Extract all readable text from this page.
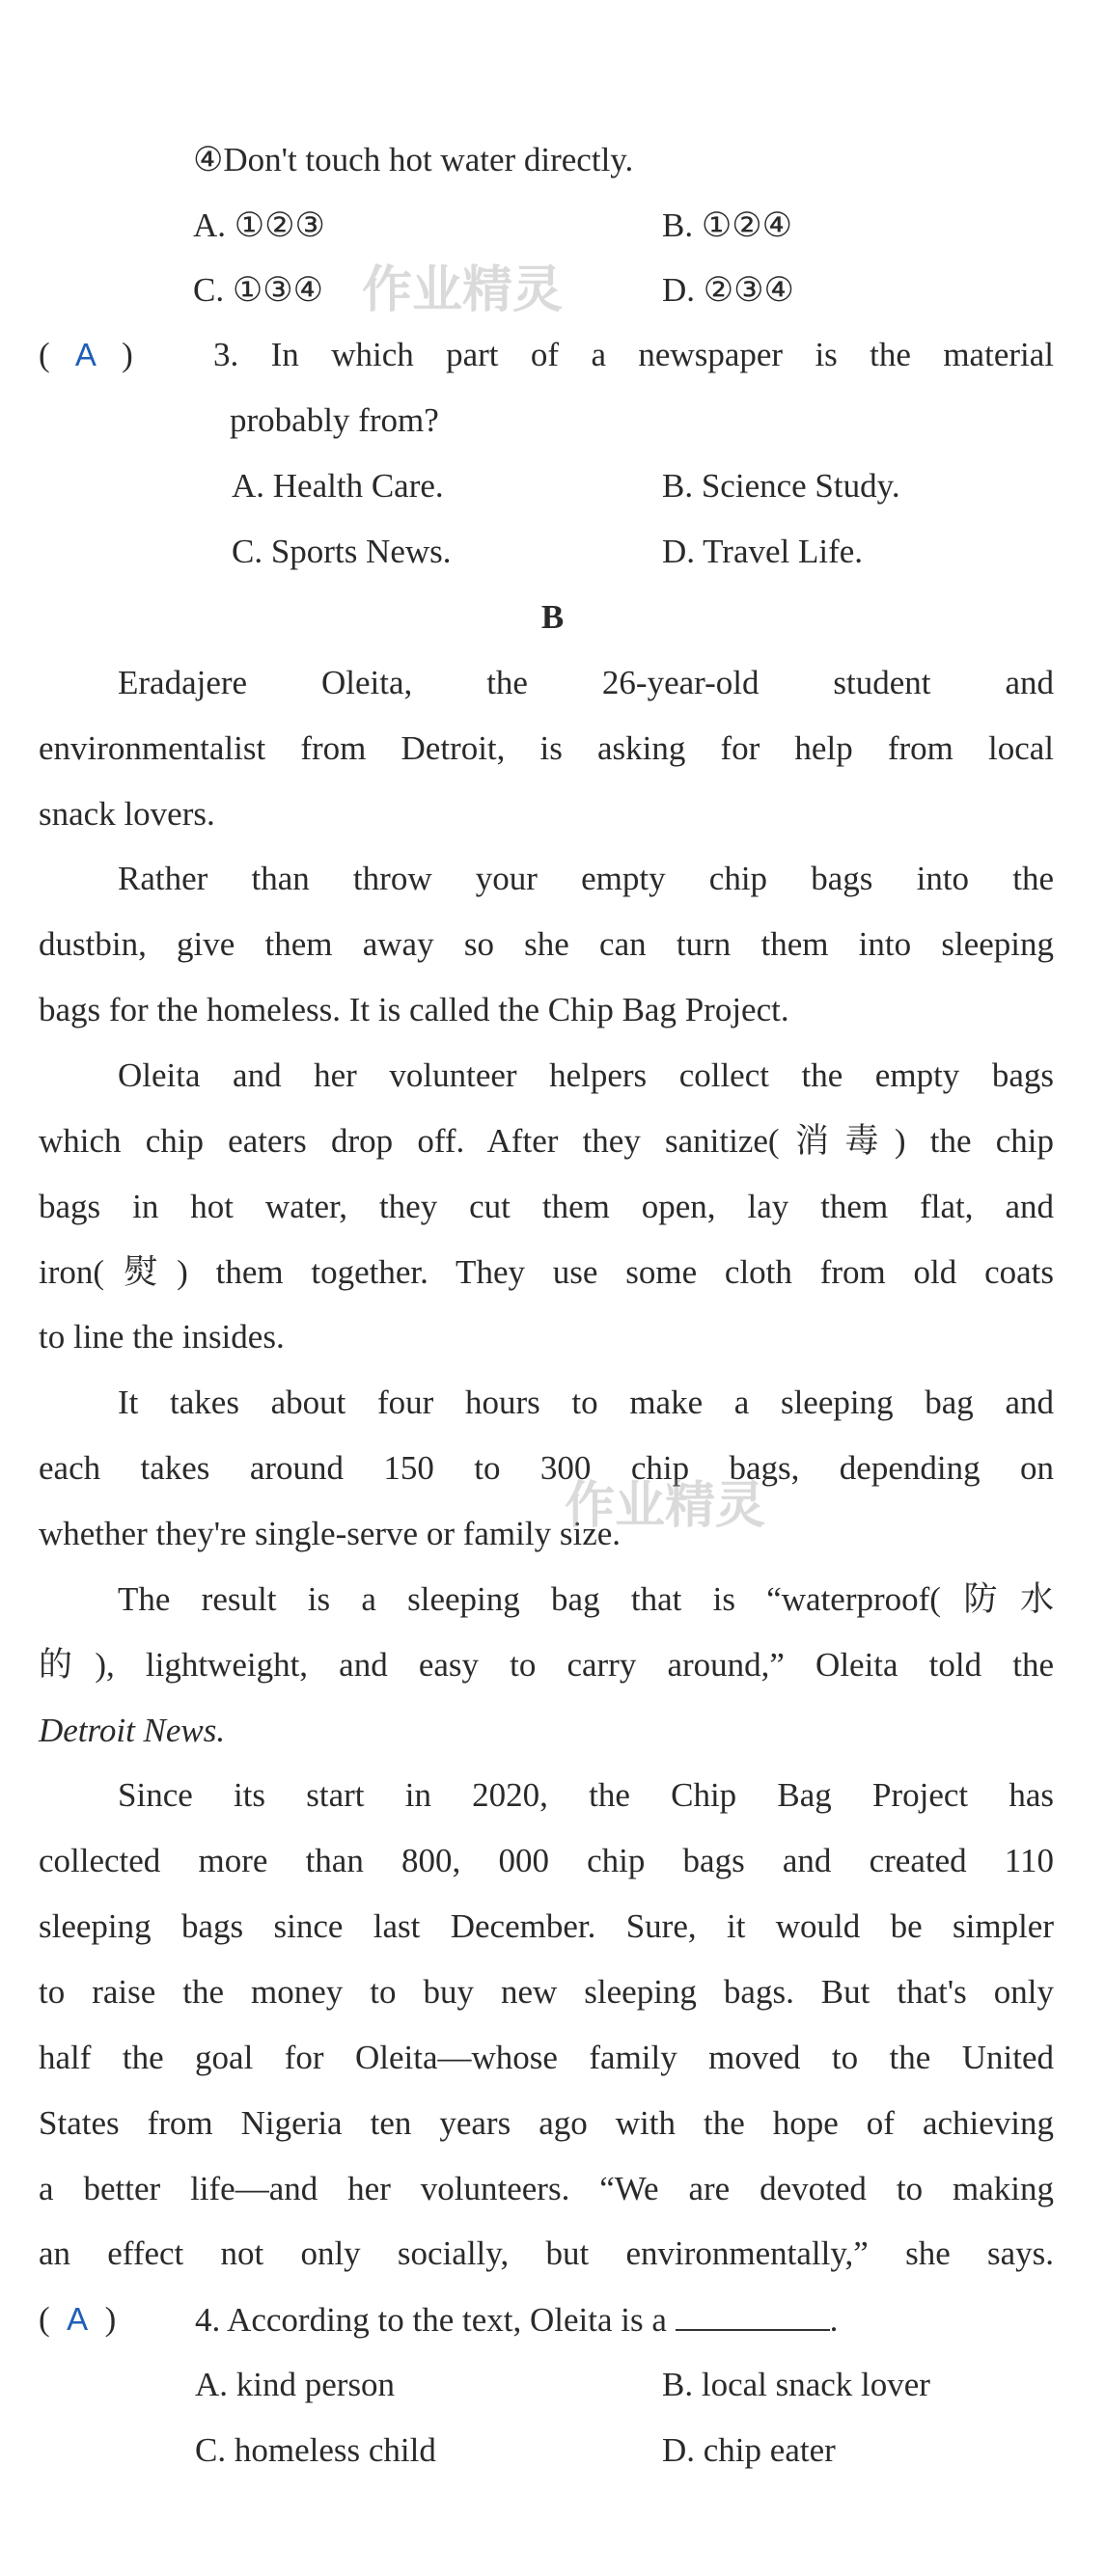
④Don't touch hot water directly.
A. ①②③	B. ①②④
C. ①③④	D. ②③④
(   A   ) 3. In which part of a newspaper is the material
probably from?
A. Health Care.	B. Science Study.
C. Sports News.	D. Travel Life.
B
Eradajere Oleita, the 26-year-old student and
environmentalist from Detroit, is asking for help from local
snack lovers.
Rather than throw your empty chip bags into the
dustbin, give them away so she can turn them into sleeping
bags for the homeless. It is called the Chip Bag Project.
Oleita and her volunteer helpers collect the empty bags
which chip eaters drop off. After they sanitize(消毒) the chip
bags in hot water, they cut them open, lay them flat, and
iron(熨) them together. They use some cloth from old coats
to line the insides.
It takes about four hours to make a sleeping bag and
each takes around 150 to 300 chip bags, depending on
whether they're single-serve or family size.
The result is a sleeping bag that is “waterproof(防水
的), lightweight, and easy to carry around,” Oleita told the
Detroit News.
Since its start in 2020, the Chip Bag Project has
collected more than 800, 000 chip bags and created 110
sleeping bags since last December. Sure, it would be simpler
to raise the money to buy new sleeping bags. But that's only
half the goal for Oleita—whose family moved to the United
States from Nigeria ten years ago with the hope of achieving
a better life—and her volunteers. “We are devoted to making
an effect not only socially, but environmentally,” she says.
(  A  ) 4. According to the text, Oleita is a	.
A. kind person	B. local snack lover
C. homeless child	D. chip eater
作业精灵
作业精灵
